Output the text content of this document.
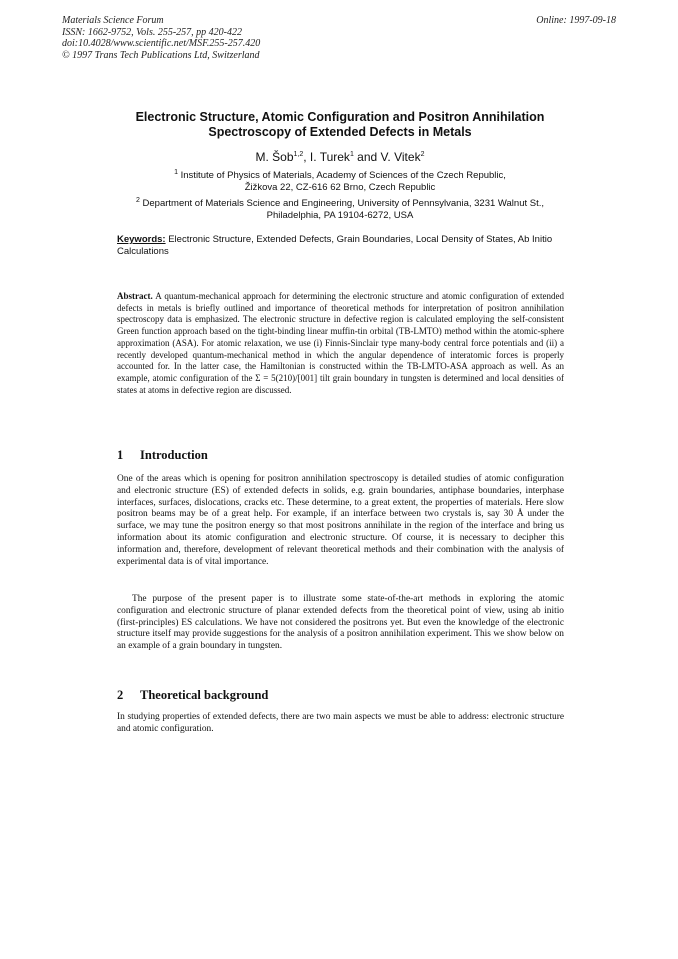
Materials Science Forum
ISSN: 1662-9752, Vols. 255-257, pp 420-422
doi:10.4028/www.scientific.net/MSF.255-257.420
© 1997 Trans Tech Publications Ltd, Switzerland
Online: 1997-09-18
Electronic Structure, Atomic Configuration and Positron Annihilation
Spectroscopy of Extended Defects in Metals
M. Šob$^{1,2}$, I. Turek$^1$ and V. Vitek$^2$
$^1$ Institute of Physics of Materials, Academy of Sciences of the Czech Republic,
Žižkova 22, CZ-616 62 Brno, Czech Republic
$^2$ Department of Materials Science and Engineering, University of Pennsylvania, 3231 Walnut St.,
Philadelphia, PA 19104-6272, USA
Keywords: Electronic Structure, Extended Defects, Grain Boundaries, Local Density of States, Ab Initio Calculations
Abstract. A quantum-mechanical approach for determining the electronic structure and atomic configuration of extended defects in metals is briefly outlined and importance of theoretical methods for interpretation of positron annihilation spectroscopy data is emphasized. The electronic structure in defective region is calculated employing the self-consistent Green function approach based on the tight-binding linear muffin-tin orbital (TB-LMTO) method within the atomic-sphere approximation (ASA). For atomic relaxation, we use (i) Finnis-Sinclair type many-body central force potentials and (ii) a recently developed quantum-mechanical method in which the angular dependence of interatomic forces is properly accounted for. In the latter case, the Hamiltonian is constructed within the TB-LMTO-ASA approach as well. As an example, atomic configuration of the Σ = 5(210)/[001] tilt grain boundary in tungsten is determined and local densities of states at atoms in defective region are discussed.
1 Introduction

One of the areas which is opening for positron annihilation spectroscopy is detailed studies of atomic configuration and electronic structure (ES) of extended defects in solids, e.g. grain boundaries, antiphase boundaries, interphase interfaces, surfaces, dislocations, cracks etc. These determine, to a great extent, the properties of materials. Here slow positron beams may be of a great help. For example, if an interface between two crystals is, say 30 Å under the surface, we may tune the positron energy so that most positrons annihilate in the region of the interface and bring us information about its atomic configuration and electronic structure. Of course, it is necessary to decipher this information and, therefore, development of relevant theoretical methods and their combination with the analysis of experimental data is of vital importance.

The purpose of the present paper is to illustrate some state-of-the-art methods in exploring the atomic configuration and electronic structure of planar extended defects from the theoretical point of view, using ab initio (first-principles) ES calculations. We have not considered the positrons yet. But even the knowledge of the electronic structure itself may provide suggestions for the analysis of a positron annihilation experiment. This we show below on an example of a grain boundary in tungsten.

2 Theoretical background

In studying properties of extended defects, there are two main aspects we must be able to address: electronic structure and atomic configuration.
